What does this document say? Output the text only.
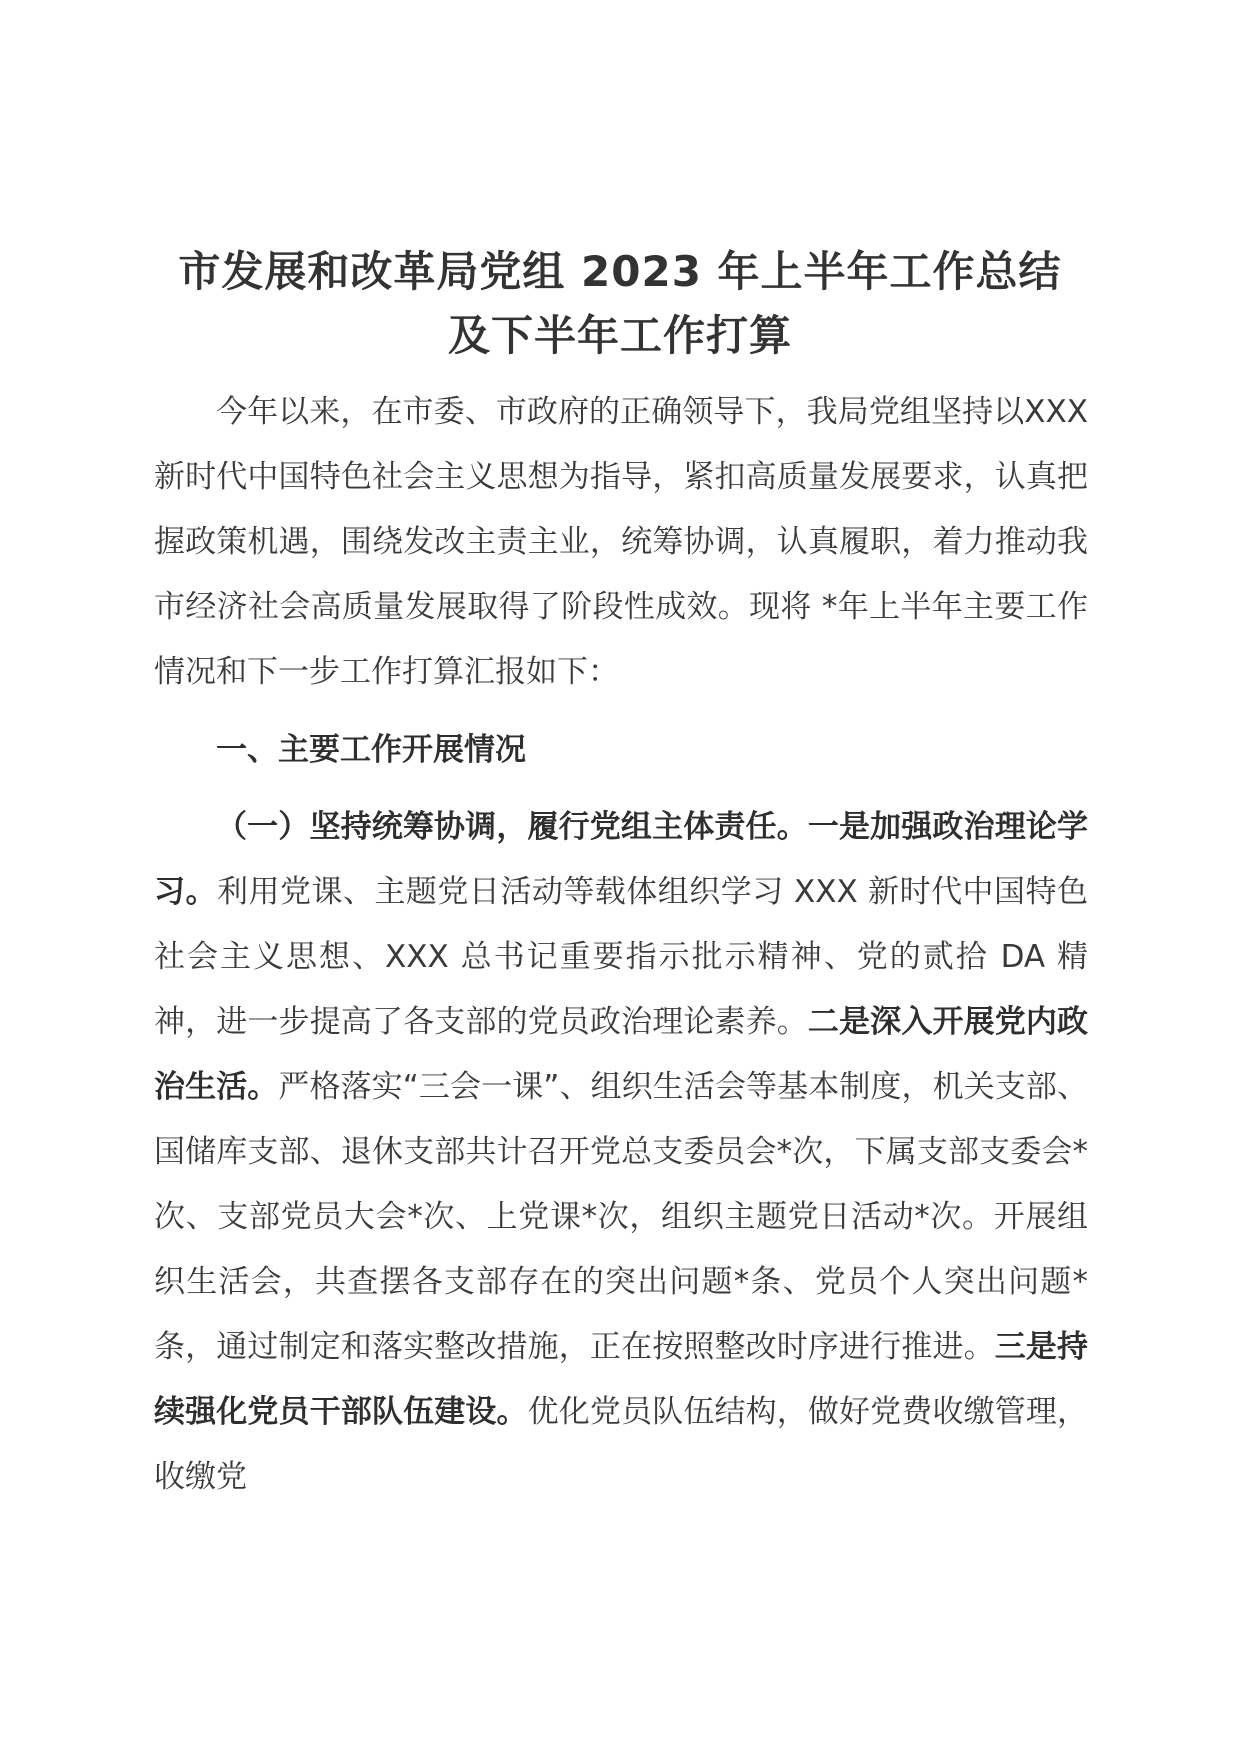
市发展和改革局党组 2023 年上半年工作总结
及下半年工作打算

今年以来，在市委、市政府的正确领导下，我局党组坚持以XXX 新时代中国特色社会主义思想为指导，紧扣高质量发展要求，认真把握政策机遇，围绕发改主责主业，统筹协调，认真履职，着力推动我市经济社会高质量发展取得了阶段性成效。现将 *年上半年主要工作情况和下一步工作打算汇报如下：

一、主要工作开展情况

（一）坚持统筹协调，履行党组主体责任。一是加强政治理论学习。利用党课、主题党日活动等载体组织学习 XXX 新时代中国特色社会主义思想、XXX 总书记重要指示批示精神、党的贰拾 DA 精神，进一步提高了各支部的党员政治理论素养。二是深入开展党内政治生活。严格落实“三会一课”、组织生活会等基本制度，机关支部、国储库支部、退休支部共计召开党总支委员会*次，下属支部支委会*次、支部党员大会*次、上党课*次，组织主题党日活动*次。开展组织生活会，共查摆各支部存在的突出问题*条、党员个人突出问题*条，通过制定和落实整改措施，正在按照整改时序进行推进。三是持续强化党员干部队伍建设。优化党员队伍结构，做好党费收缴管理，收缴党
